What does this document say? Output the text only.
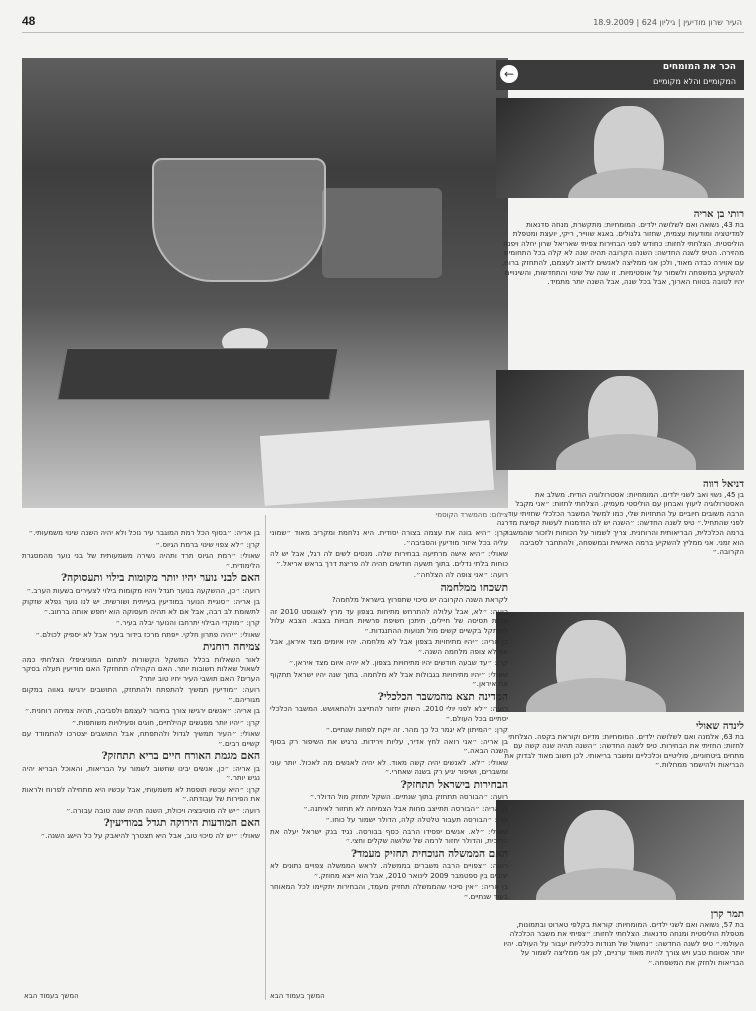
48	העיר שרון מודיעין | גיליון 624 | 18.9.2009
צילום: מהמשרד הקוסמי
הכר את המומחים
המקומיים והלא מקומיים
←
רותי בן אריה
בת 43, נשואה ואם לשלושה ילדים. המומחיות: מתקשרת, מנחה סדנאות למדיטציה ומודעות עצמית, שחזור גלגולים. באגא שווייר, ריקי, יועצת ומטפלת הוליסטית. הצלחתי לחזות: כחודש לפני הבחירות צפיתי שאריאל שרון יחלה ויפנה מהזירה. הטיפ לשנה החדשה: השנה הקרובה תהיה שנה לא קלה בכל התחומים עם אווירה כבדה מאוד, ולכן אני ממליצה לאנשים לדאוג לעצמם, להתחזק ברוח, להשקיע במשפחה ולשמור על אופטימיות. זו שנה של שינוי והתחדשות, והשינויים יהיו לטובה בטווח הארוך, אבל בכל שנה, אבל השנה יותר מתמיד.
דניאל רווה
בן 45, נשוי ואב לשני ילדים. המומחיות: אסטרולוגיה הודית. משלב את האסטרולוגיה ליעוץ ואבחון עם הוליסטי מעמיק. הצלחתי לחזות: ״אני מקבל הרבה משובים חיוביים על התחזיות שלי, כמו למשל המשבר הכלכלי שחזיתי עוד לפני שהתחיל.״ טיפ לשנה החדשה: ״השנה יש לנו הזדמנות לעשות קפיצת מדרגה ברמה הכלכלית, הבריאותית והרוחנית. צריך לשמור על הכוחות ולזכור שהמשבר הוא זמני. אני ממליץ להשקיע ברמה האישית ובמשפחה, ולהתחבר לסביבה הקרובה.״
לינדה שאולי
בת 63, אלמנה ואם לשלושה ילדים. המומחיות: מדיום וקוראת בקפה. הצלחתי לחזות: החזיתי את הבחירות. טיפ לשנה החדשה: ״השנה תהיה שנה קשה עם מתחים ביטחוניים, פוליטיים וכלכליים ומשבר בריאותי. לכן חשוב מאוד לבדוק את הבריאות ולהישמר ממחלות.״
תמר קרן
בת 57, נשואה ואם לשני ילדים. המומחיות: קוראת בקלפי טארוט ובתמונות, מטפלת הוליסטית ומנחה סדנאות. הצלחתי לחזות: ״צפיתי את משבר הכלכלה העולמי.״ טיפ לשנה החדשה: ״נחשול של תנודות כלכליות יעבור על העולם. יהיו יותר אסונות טבע ויש צורך להיות מאוד ערניים, לכן אני ממליצה לשמור על הבריאות ולחזק את המשפחה.״

קרן: ״היא בונה את עצמה בצורה יסודית. היא נלחמת ומקריב מאוד ״שמוני עליה בכל איזור מודיעין והסביבה״.

שאולי: ״היא אישה מרתיעה בבחירות שלה. מנסים לשים לה רגל, אבל יש לה כוחות בלתי נדלים. בתוך תשעה חודשים תהיה לה פריצת דרך בראש אריאל.״

רועה: ״אני צופה לה הצלחה״.

תשכחו ממלחמה

לקראת השנה הקרובה יש סיכוי שתפרוץ בישראל מלחמה?

רועה: ״לא, אבל עלולה להתרחש מתיחות בצפון עד מרץ לאוגוסט 2010 זה סכנת תסיסה של חיילים, תיתכן חשיפת פרשיות חבויות בצבא. הצבא עלול להיתקל בקשיים קשים מול תנועות ההתנגדות.״

בן אריה: ״יהיו מתיחויות בצפון אבל לא מלחמה. יהיו איומים מצד איראן, אבל אני לא צופה מלחמה השנה.״

קרן: ״עד שבעה חודשים יהיו מתיחויות בצפון. לא יהיה איום מצד איראן.״

שאולי: ״יהיו מתיחויות בגבולות אבל לא מלחמה. בתוך שנה יהיו ישראל תתקוף את איראן.״

המדינה תצא מהמשבר הכלכלי?

רועה: ״לא לפני יולי 2010. השוק יחזור להתייצב ולהתאושש. המשבר הכלכלי יסתיים בכל העולם.״

קרן: ״המיתון לא יגמר כל כך מהר. זה ייקח לפחות שנתיים.״

בן אריה: ״אני רואה לחץ אדיר, עליות וירידות. נרגיש את השיפור רק בסוף השנה הבאה.״

שאולי: ״לא. לאנשים יהיה קשה מאוד. לא יהיה לאנשים מה לאכול. יותר עוני ומשברים, ושיפור יגיע רק בשנה שאחרי.״

הבחירות בישראל תתחזק?

רועה: ״הבורסה תתחזק בתוך שנתיים. השקל יתחזק מול הדולר.״

בן אריה: ״הבורסה תתייצב מחות אבל הצמיחה לא תחזור לאיתנה.״

קרן: ״הבורסה תעבור טלטלה קלה, הדולר ישמור על כוחו.״

שאולי: ״לא. אנשים יפסידו הרבה כסף בבורסה. נגיד בנק ישראל יעלה את הריבית, והדולר יחזור לרמה של שלושה שקלים וחצי.״

האם הממשלה הנוכחית תחזיק מעמד?

רועה: ״צפויים הרבה משברים בממשלה. לראש הממשלה צפויים נתונים לא יציבים בין ספטמבר 2009 לינואר 2010, אבל הוא ייצא מחוזק.״

בן אריה: ״אין סיכוי שהממשלה תחזיק מעמד, והבחירות יתקיימו לכל המאוחר בעוד שנתיים.״

בן אריה: ״בסוף הכל רמת המוגבר עיר נוכל ולא יהיה השנה שינוי משמעותי.״

קרן: ״לא צפוי שינוי ברמת הגיוס.״

שאולי: ״רמת הגיוס תרד ותהיה נשירה משמעותית של בני נוער מהמסגרת הלימודית.״

האם לבני נוער יהיו יותר מקומות בילוי ותעסוקה?

רועה: ״כן, ההשקעה בנוער תגדל ויהיו מקומות בילוי לצעירים בשעות הערב.״

בן אריה: ״סוגיית הנוער במודיעין בעייתית ושורשית. יש לנו נוער נפלא שזקוק לתשומת לב רבה, אבל אם לא תהיה תעסוקה הוא יחפש אותה ברחוב.״

קרן: ״מוקדי הבילוי יתרחבו והנוער יבלה בעיר.״

שאולי: ״יהיה פתרון חלקי. ייפתח מרכז בידור בעיר אבל לא יספיק לכולם.״

צמיחה רוחנית

לאור השאלות בכלל המשקל הקשורות לתחום המוניציפלי הצלחתי כמה לשאול שאלות חשובות יותר. האם הקהילה תתחזק? האם מודיעין תעלה בסקר הערים? האם תושבי העיר יחיו טוב יותר?

רועה: ״מודיעין תמשיך להתפתח ולהתחזק, התושבים ירגישו גאווה במקום מגוריהם.״

בן אריה: ״אנשים ירגישו צורך בחיבור לעצמם ולסביבה, תהיה צמיחה רוחנית.״

קרן: ״יהיו יותר מפגשים קהילתיים, חוגים ופעילויות משותפות.״

שאולי: ״העיר תמשיך לגדול ולהתפתח, אבל התושבים יצטרכו להתמודד עם קשיים רבים.״

האם מגמת האורח חיים בריא תתחזק?

בן אריה: ״כן, אנשים יבינו שחשוב לשמור על הבריאות, והאוכל הבריא יהיה נגיש יותר.״

קרן: ״היא עכשיו תופסת לא משמעותי, אבל עכשיו היא מתחילה לפרוח ולראות את הפירות של עבודתה.״

רועה: ״יש לה מוטיבציה ויכולת, השנה תהיה שנה טובה עבורה.״

האם המודעות הירוקה תגדל במודיעין?

שאולי: ״יש לה סיכוי טוב, אבל היא תצטרך להיאבק על כל הישג השנה.״

המשך בעמוד הבא	המשך בעמוד הבא
